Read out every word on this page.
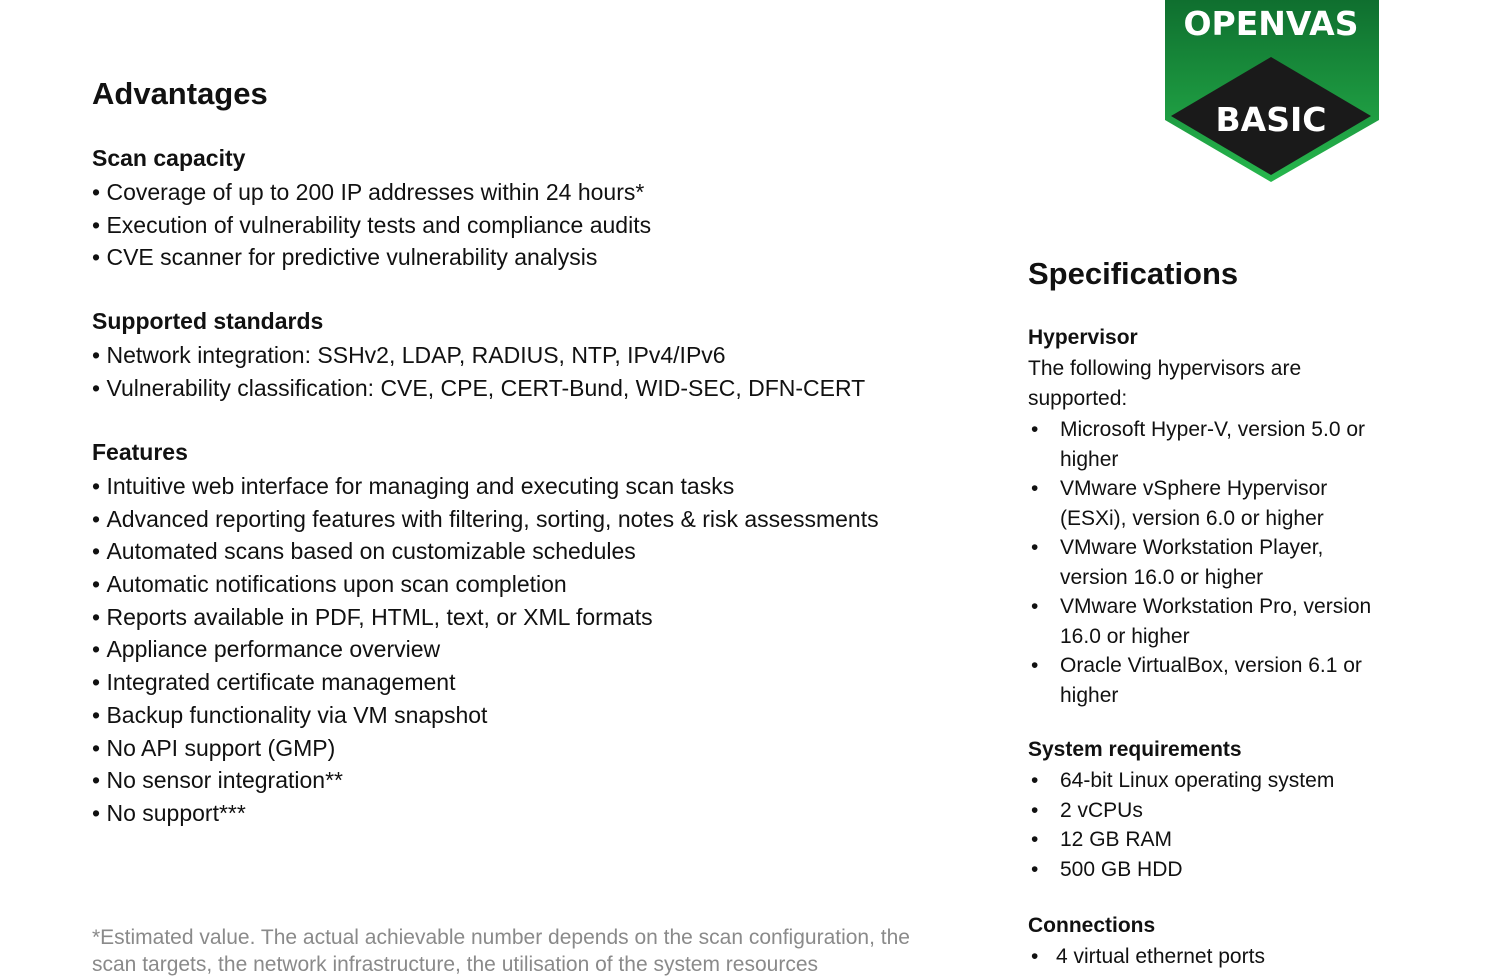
Advantages
Scan capacity
• Coverage of up to 200 IP addresses within 24 hours*
• Execution of vulnerability tests and compliance audits
• CVE scanner for predictive vulnerability analysis
Supported standards
• Network integration: SSHv2, LDAP, RADIUS, NTP, IPv4/IPv6
• Vulnerability classification: CVE, CPE, CERT-Bund, WID-SEC, DFN-CERT
Features
• Intuitive web interface for managing and executing scan tasks
• Advanced reporting features with filtering, sorting, notes & risk assessments
• Automated scans based on customizable schedules
• Automatic notifications upon scan completion
• Reports available in PDF, HTML, text, or XML formats
• Appliance performance overview
• Integrated certificate management
• Backup functionality via VM snapshot
• No API support (GMP)
• No sensor integration**
• No support***
*Estimated value. The actual achievable number depends on the scan configuration, the scan targets, the network infrastructure, the utilisation of the system resources
OPENVAS
BASIC
Specifications
Hypervisor

The following hypervisors are supported:

• Microsoft Hyper-V, version 5.0 or higher
• VMware vSphere Hypervisor (ESXi), version 6.0 or higher
• VMware Workstation Player, version 16.0 or higher
• VMware Workstation Pro, version 16.0 or higher
• Oracle VirtualBox, version 6.1 or higher
System requirements
• 64-bit Linux operating system
• 2 vCPUs
• 12 GB RAM
• 500 GB HDD
Connections
• 4 virtual ethernet ports
